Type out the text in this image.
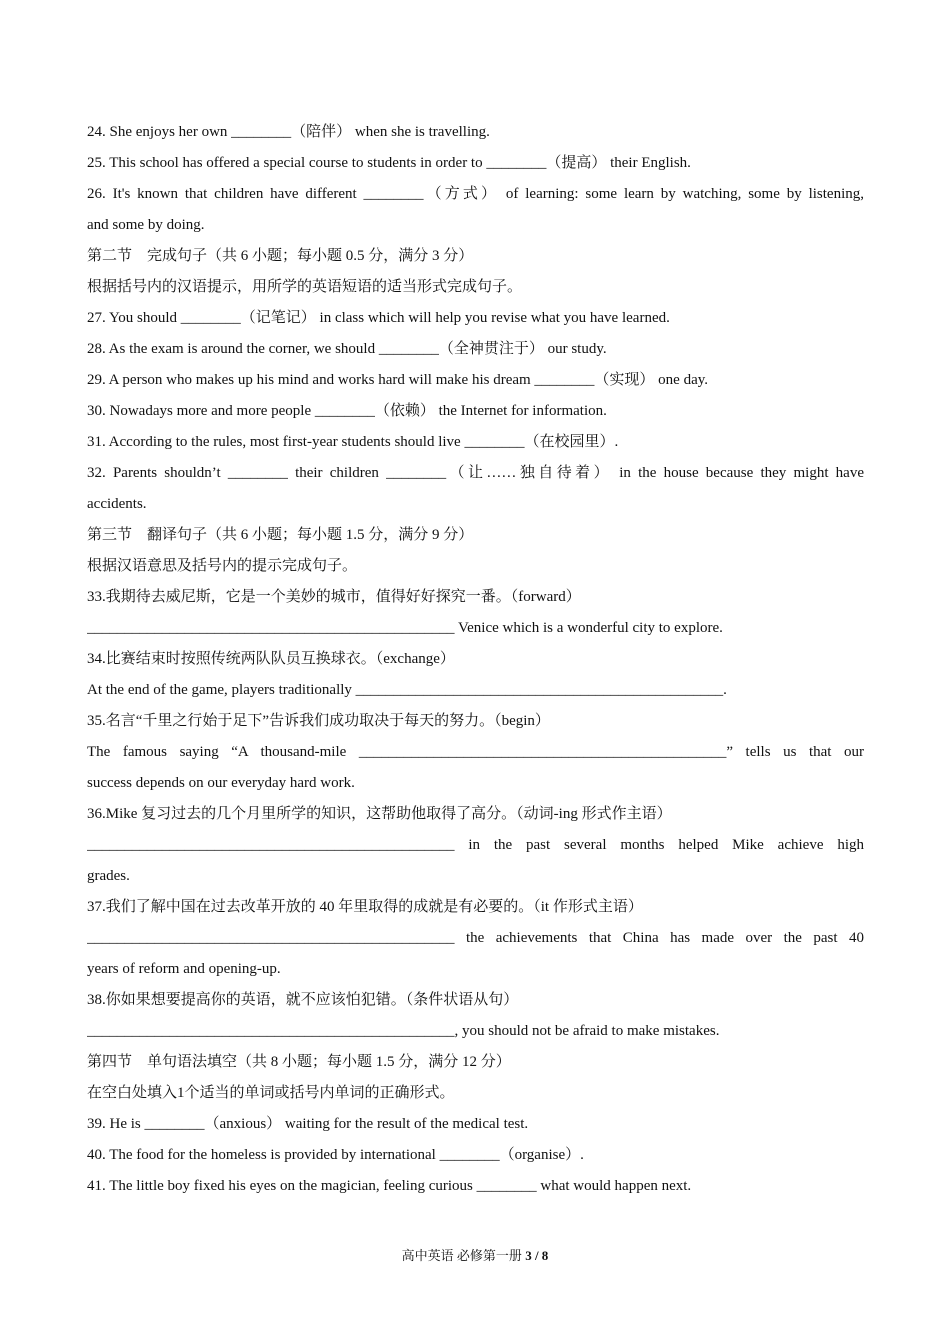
24. She enjoys her own ________（陪伴） when she is travelling.
25. This school has offered a special course to students in order to ________（提高） their English.
26. It's known that children have different ________（方式） of learning: some learn by watching, some by listening,
and some by doing.
第二节　完成句子（共 6 小题；每小题 0.5 分，满分 3 分）
根据括号内的汉语提示，用所学的英语短语的适当形式完成句子。
27. You should ________（记笔记） in class which will help you revise what you have learned.
28. As the exam is around the corner, we should ________（全神贯注于） our study.
29. A person who makes up his mind and works hard will make his dream ________（实现） one day.
30. Nowadays more and more people ________（依赖） the Internet for information.
31. According to the rules, most first-year students should live ________（在校园里）.
32. Parents shouldn’t ________ their children ________（让……独自待着） in the house because they might have
accidents.
第三节　翻译句子（共 6 小题；每小题 1.5 分，满分 9 分）
根据汉语意思及括号内的提示完成句子。
33.我期待去威尼斯，它是一个美妙的城市，值得好好探究一番。（forward）
_________________________________________________ Venice which is a wonderful city to explore.
34.比赛结束时按照传统两队队员互换球衣。（exchange）
At the end of the game, players traditionally _________________________________________________.
35.名言“千里之行始于足下”告诉我们成功取决于每天的努力。（begin）
The famous saying “A thousand-mile _________________________________________________” tells us that our
success depends on our everyday hard work.
36.Mike 复习过去的几个月里所学的知识，这帮助他取得了高分。（动词-ing 形式作主语）
_________________________________________________ in the past several months helped Mike achieve high
grades.
37.我们了解中国在过去改革开放的 40 年里取得的成就是有必要的。（it 作形式主语）
_________________________________________________ the achievements that China has made over the past 40
years of reform and opening-up.
38.你如果想要提高你的英语，就不应该怕犯错。（条件状语从句）
_________________________________________________, you should not be afraid to make mistakes.
第四节　单句语法填空（共 8 小题；每小题 1.5 分，满分 12 分）
在空白处填入1个适当的单词或括号内单词的正确形式。
39. He is ________（anxious） waiting for the result of the medical test.
40. The food for the homeless is provided by international ________（organise）.
41. The little boy fixed his eyes on the magician, feeling curious ________ what would happen next.
高中英语 必修第一册 3 / 8
